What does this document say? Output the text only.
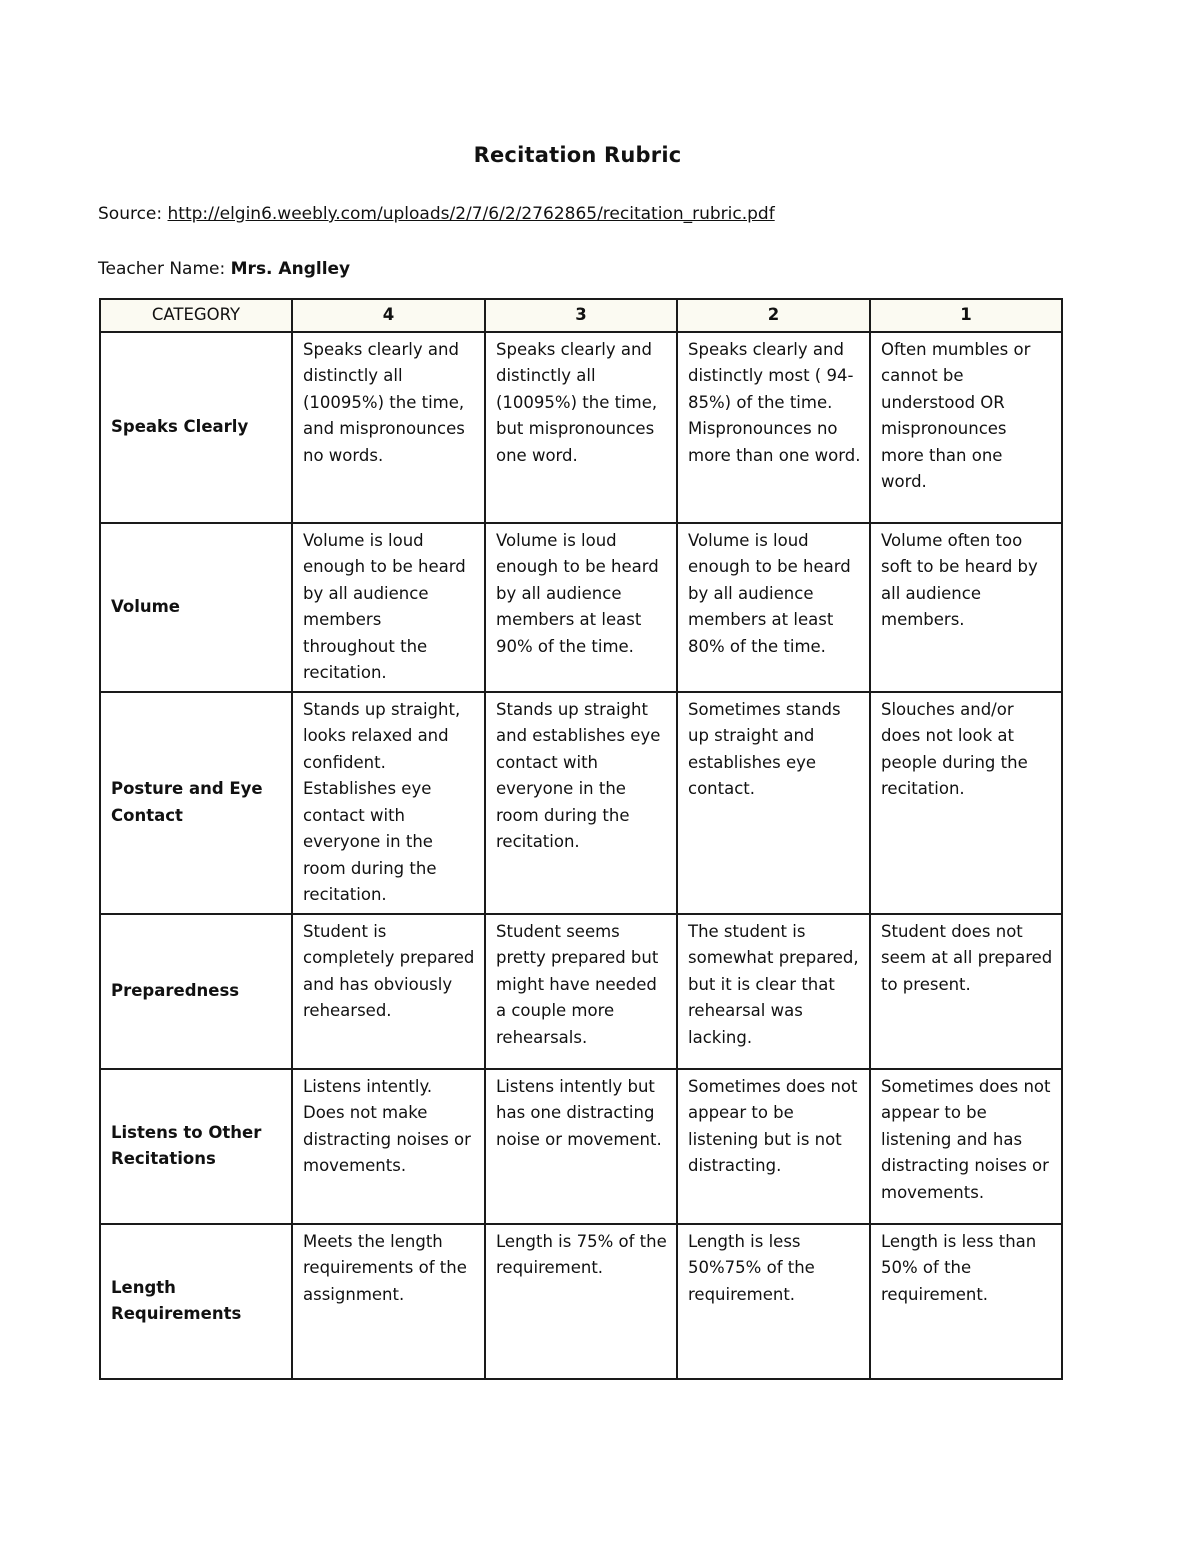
Recitation Rubric
Source: http://elgin6.weebly.com/uploads/2/7/6/2/2762865/recitation_rubric.pdf
Teacher Name: Mrs. Anglley
CATEGORY	4	3	2	1
Speaks Clearly	Speaks clearly and distinctly all (10095%) the time, and mispronounces no words.	Speaks clearly and distinctly all (10095%) the time, but mispronounces one word.	Speaks clearly and distinctly most ( 94-85%) of the time. Mispronounces no more than one word.	Often mumbles or cannot be understood OR mispronounces more than one word.
Volume	Volume is loud enough to be heard by all audience members throughout the recitation.	Volume is loud enough to be heard by all audience members at least 90% of the time.	Volume is loud enough to be heard by all audience members at least 80% of the time.	Volume often too soft to be heard by all audience members.
Posture and Eye Contact	Stands up straight, looks relaxed and confident. Establishes eye contact with everyone in the room during the recitation.	Stands up straight and establishes eye contact with everyone in the room during the recitation.	Sometimes stands up straight and establishes eye contact.	Slouches and/or does not look at people during the recitation.
Preparedness	Student is completely prepared and has obviously rehearsed.	Student seems pretty prepared but might have needed a couple more rehearsals.	The student is somewhat prepared, but it is clear that rehearsal was lacking.	Student does not seem at all prepared to present.
Listens to Other Recitations	Listens intently. Does not make distracting noises or movements.	Listens intently but has one distracting noise or movement.	Sometimes does not appear to be listening but is not distracting.	Sometimes does not appear to be listening and has distracting noises or movements.
Length Requirements	Meets the length requirements of the assignment.	Length is 75% of the requirement.	Length is less 50%75% of the requirement.	Length is less than 50% of the requirement.
